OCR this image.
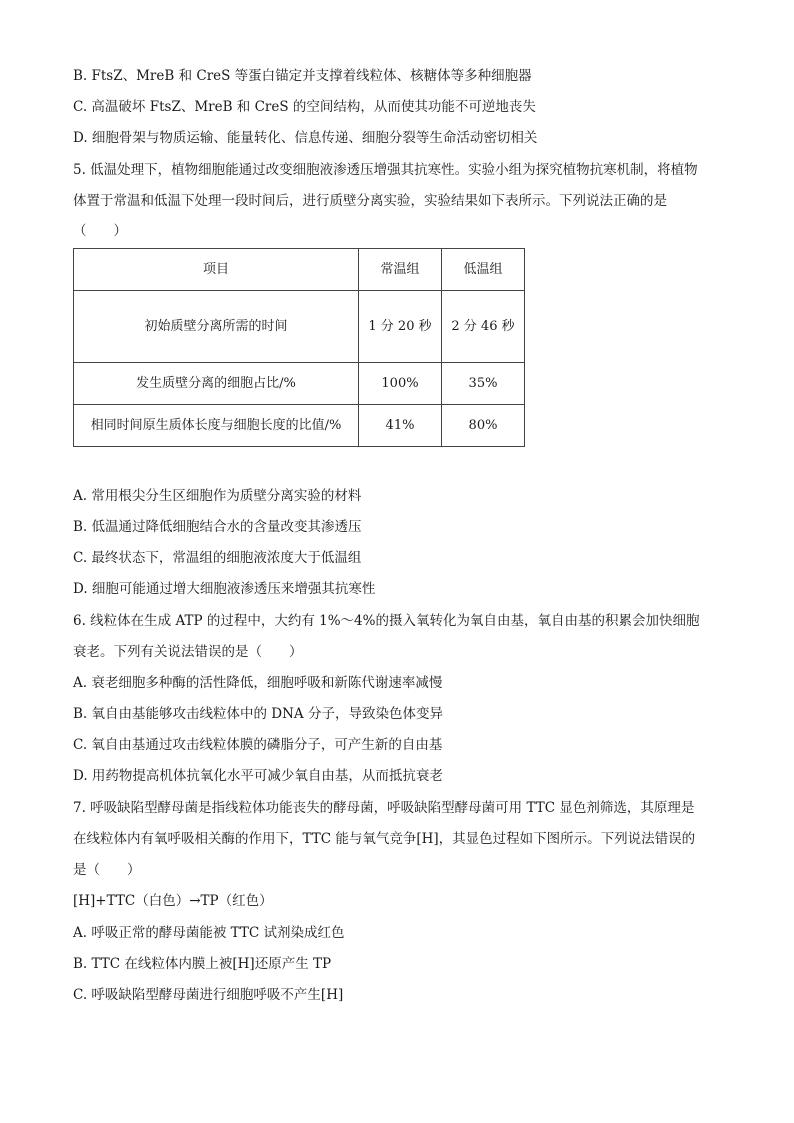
B. FtsZ、MreB 和 CreS 等蛋白锚定并支撑着线粒体、核糖体等多种细胞器
C. 高温破坏 FtsZ、MreB 和 CreS 的空间结构，从而使其功能不可逆地丧失
D. 细胞骨架与物质运输、能量转化、信息传递、细胞分裂等生命活动密切相关
5. 低温处理下，植物细胞能通过改变细胞液渗透压增强其抗寒性。实验小组为探究植物抗寒机制，将植物
体置于常温和低温下处理一段时间后，进行质壁分离实验，实验结果如下表所示。下列说法正确的是
（　　）
项目	常温组	低温组
初始质壁分离所需的时间	1 分 20 秒	2 分 46 秒
发生质壁分离的细胞占比/%	100%	35%
相同时间原生质体长度与细胞长度的比值/%	41%	80%
A. 常用根尖分生区细胞作为质壁分离实验的材料
B. 低温通过降低细胞结合水的含量改变其渗透压
C. 最终状态下，常温组的细胞液浓度大于低温组
D. 细胞可能通过增大细胞液渗透压来增强其抗寒性
6. 线粒体在生成 ATP 的过程中，大约有 1%～4%的摄入氧转化为氧自由基，氧自由基的积累会加快细胞
衰老。下列有关说法错误的是（　　）
A. 衰老细胞多种酶的活性降低，细胞呼吸和新陈代谢速率减慢
B. 氧自由基能够攻击线粒体中的 DNA 分子，导致染色体变异
C. 氧自由基通过攻击线粒体膜的磷脂分子，可产生新的自由基
D. 用药物提高机体抗氧化水平可减少氧自由基，从而抵抗衰老
7. 呼吸缺陷型酵母菌是指线粒体功能丧失的酵母菌，呼吸缺陷型酵母菌可用 TTC 显色剂筛选，其原理是
在线粒体内有氧呼吸相关酶的作用下，TTC 能与氧气竞争[H]，其显色过程如下图所示。下列说法错误的
是（　　）
[H]+TTC（白色）→TP（红色）
A. 呼吸正常的酵母菌能被 TTC 试剂染成红色
B. TTC 在线粒体内膜上被[H]还原产生 TP
C. 呼吸缺陷型酵母菌进行细胞呼吸不产生[H]
